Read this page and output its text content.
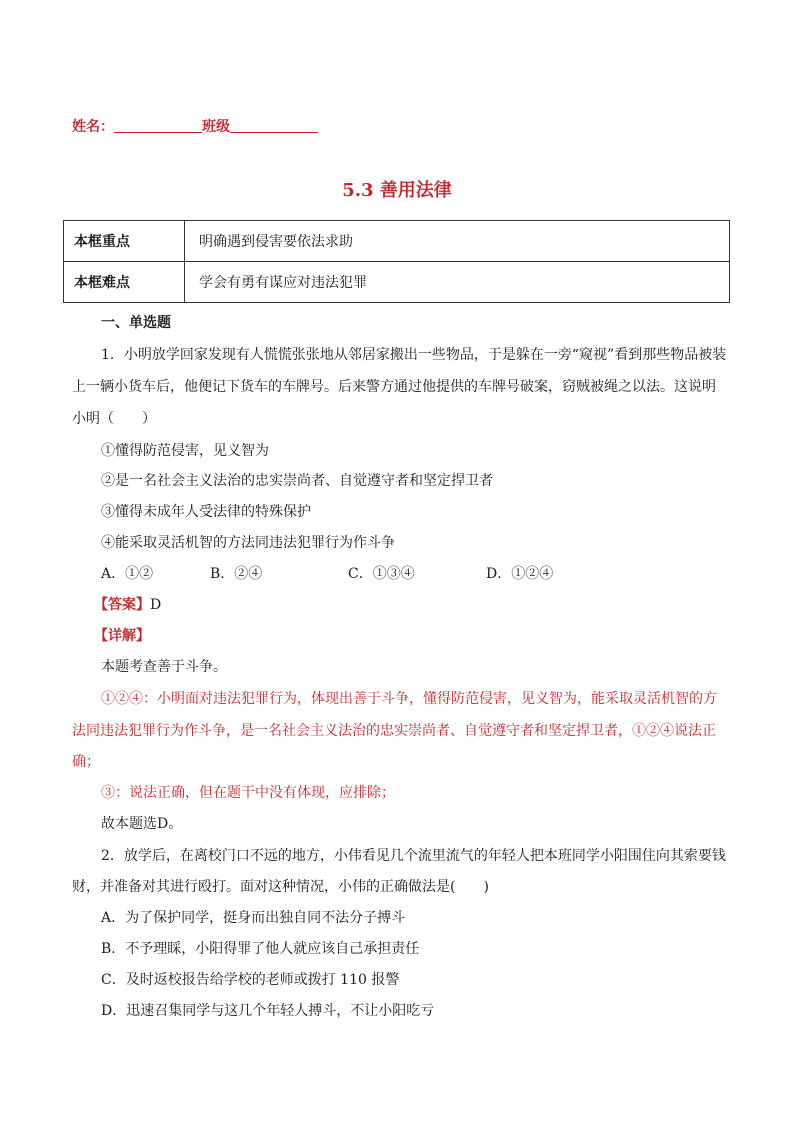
姓名：	班级
5.3 善用法律
本框重点	明确遇到侵害要依法求助
本框难点	学会有勇有谋应对违法犯罪
一、单选题
1．小明放学回家发现有人慌慌张张地从邻居家搬出一些物品，于是躲在一旁“窥视”看到那些物品被装
上一辆小货车后，他便记下货车的车牌号。后来警方通过他提供的车牌号破案，窃贼被绳之以法。这说明
小明（　　）
①懂得防范侵害，见义智为
②是一名社会主义法治的忠实崇尚者、自觉遵守者和坚定捍卫者
③懂得未成年人受法律的特殊保护
④能采取灵活机智的方法同违法犯罪行为作斗争
A．①②	B．②④	C．①③④	D．①②④
【答案】D
【详解】
本题考查善于斗争。
①②④：小明面对违法犯罪行为，体现出善于斗争，懂得防范侵害，见义智为，能采取灵活机智的方
法同违法犯罪行为作斗争，是一名社会主义法治的忠实崇尚者、自觉遵守者和坚定捍卫者，①②④说法正
确；
③：说法正确，但在题干中没有体现，应排除；
故本题选D。
2．放学后，在离校门口不远的地方，小伟看见几个流里流气的年轻人把本班同学小阳围住向其索要钱
财，并准备对其进行殴打。面对这种情况，小伟的正确做法是(　　)
A．为了保护同学，挺身而出独自同不法分子搏斗
B．不予理睬，小阳得罪了他人就应该自己承担责任
C．及时返校报告给学校的老师或拨打 110 报警
D．迅速召集同学与这几个年轻人搏斗，不让小阳吃亏
